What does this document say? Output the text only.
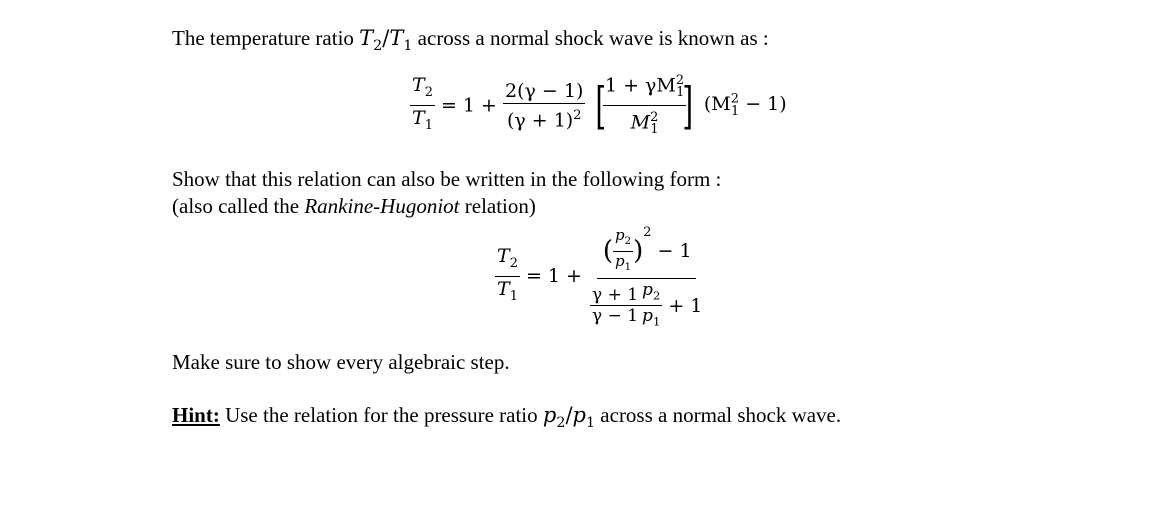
The temperature ratio $T_2/T_1$ across a normal shock wave is known as :
$\frac{T_2}{T_1} = 1 + \frac{2(\gamma - 1)}{(\gamma + 1)^2}$ [
$\frac{1 + \gamma M^2_1}{M^2_1}$
] $(M^2_1 - 1)$
Show that this relation can also be written in the following form :
(also called the Rankine-Hugoniot relation)
$\frac{T_2}{T_1} = 1 + \frac{( \frac{p_2}{p_1} )^2 - 1}{\frac{\gamma + 1}{\gamma - 1} \frac{p_2}{p_1} + 1}$
Make sure to show every algebraic step.
Hint: Use the relation for the pressure ratio $p_2/p_1$ across a normal shock wave.
